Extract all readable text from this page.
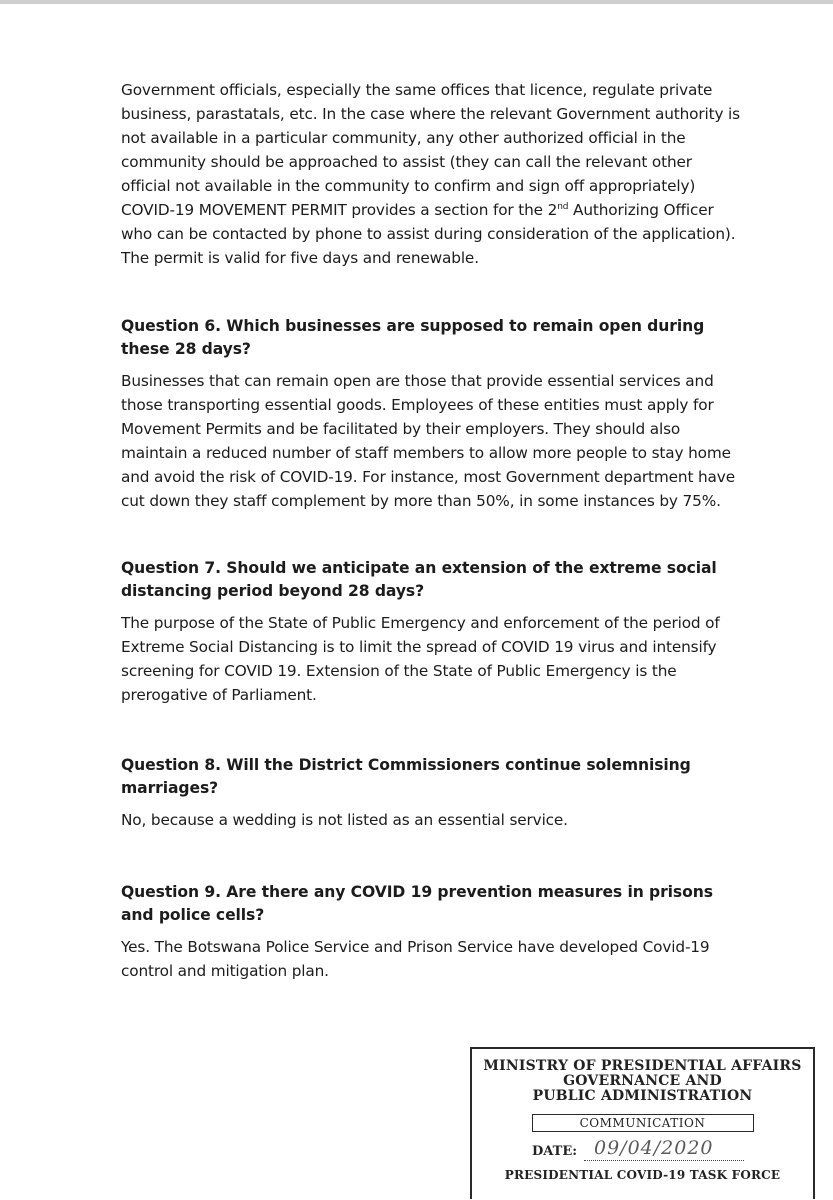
Government officials, especially the same offices that licence, regulate private business, parastatals, etc. In the case where the relevant Government authority is not available in a particular community, any other authorized official in the community should be approached to assist (they can call the relevant other official not available in the community to confirm and sign off appropriately) COVID-19 MOVEMENT PERMIT provides a section for the 2nd Authorizing Officer who can be contacted by phone to assist during consideration of the application). The permit is valid for five days and renewable.

Question 6. Which businesses are supposed to remain open during these 28 days?

Businesses that can remain open are those that provide essential services and those transporting essential goods. Employees of these entities must apply for Movement Permits and be facilitated by their employers. They should also maintain a reduced number of staff members to allow more people to stay home and avoid the risk of COVID-19. For instance, most Government department have cut down they staff complement by more than 50%, in some instances by 75%.

Question 7. Should we anticipate an extension of the extreme social distancing period beyond 28 days?

The purpose of the State of Public Emergency and enforcement of the period of Extreme Social Distancing is to limit the spread of COVID 19 virus and intensify screening for COVID 19. Extension of the State of Public Emergency is the prerogative of Parliament.

Question 8. Will the District Commissioners continue solemnising marriages?

No, because a wedding is not listed as an essential service.

Question 9. Are there any COVID 19 prevention measures in prisons and police cells?

Yes. The Botswana Police Service and Prison Service have developed Covid-19 control and mitigation plan.

MINISTRY OF PRESIDENTIAL AFFAIRS

GOVERNANCE AND

PUBLIC ADMINISTRATION

COMMUNICATION
DATE: 09/04/2020
PRESIDENTIAL COVID-19 TASK FORCE
